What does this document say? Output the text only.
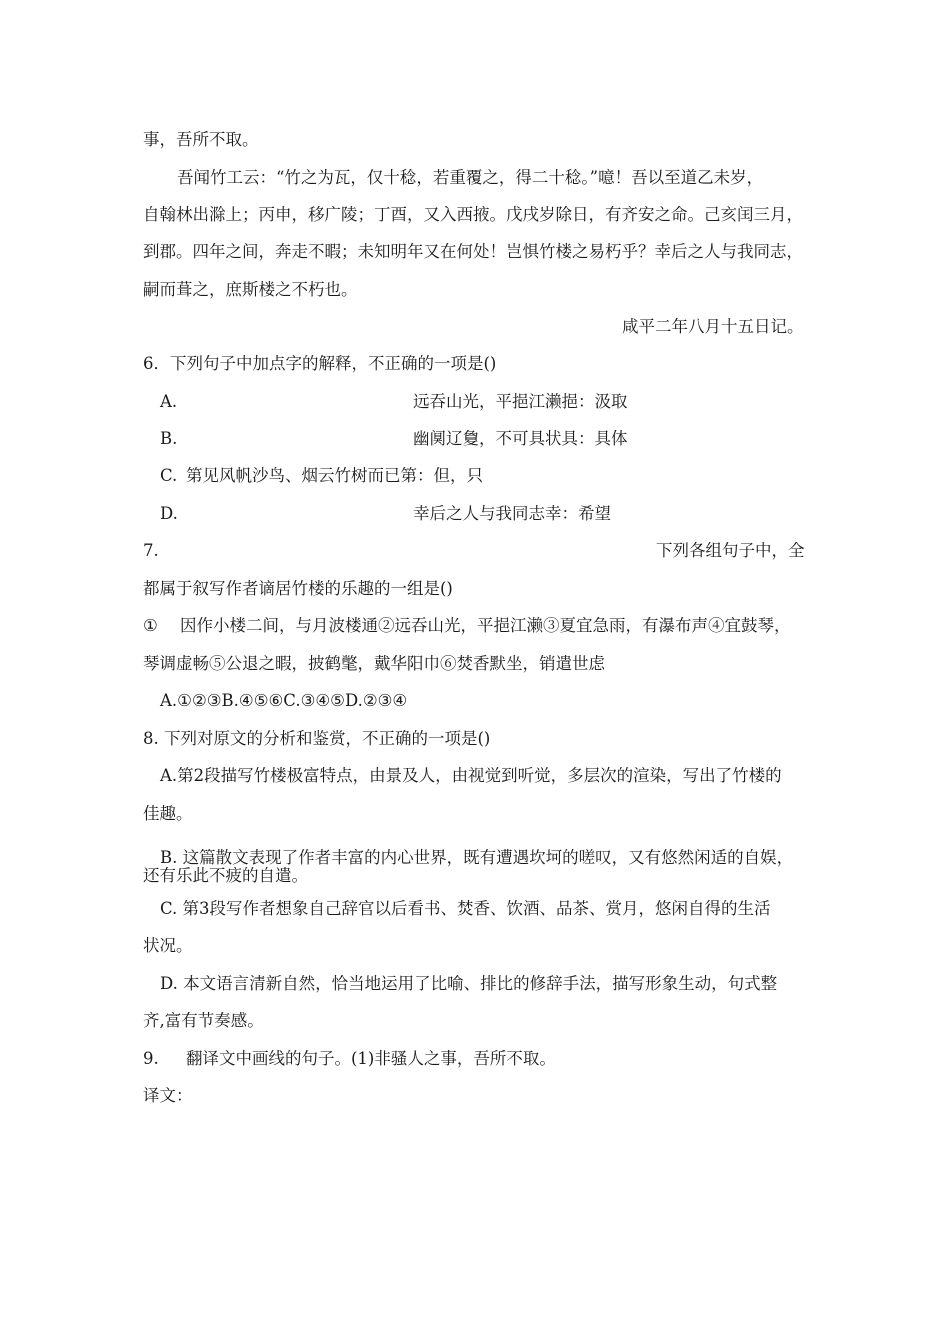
事，吾所不取。
吾闻竹工云：“竹之为瓦，仅十稔，若重覆之，得二十稔。”噫！吾以至道乙未岁，
自翰林出滁上；丙申，移广陵；丁酉，又入西掖。戊戌岁除日，有齐安之命。己亥闰三月，
到郡。四年之间，奔走不暇；未知明年又在何处！岂惧竹楼之易朽乎？幸后之人与我同志，
嗣而葺之，庶斯楼之不朽也。
咸平二年八月十五日记。
6．下列句子中加点字的解释，不正确的一项是()
A.	远吞山光，平挹江濑挹：汲取
B.	幽阒辽敻，不可具状具：具体
C. 第见风帆沙鸟、烟云竹树而已第：但，只
D.	幸后之人与我同志幸：希望
7.	下列各组句子中，全
都属于叙写作者谪居竹楼的乐趣的一组是()
① 因作小楼二间，与月波楼通②远吞山光，平挹江濑③夏宜急雨，有瀑布声④宜鼓琴，
琴调虚畅⑤公退之暇，披鹤氅，戴华阳巾⑥焚香默坐，销遣世虑
A.①②③B.④⑤⑥C.③④⑤D.②③④
8. 下列对原文的分析和鉴赏，不正确的一项是()
A.第2段描写竹楼极富特点，由景及人，由视觉到听觉，多层次的渲染，写出了竹楼的
佳趣。
B. 这篇散文表现了作者丰富的内心世界，既有遭遇坎坷的嗟叹，又有悠然闲适的自娱，
还有乐此不疲的自遣。
C. 第3段写作者想象自己辞官以后看书、焚香、饮酒、品茶、赏月，悠闲自得的生活
状况。
D. 本文语言清新自然，恰当地运用了比喻、排比的修辞手法，描写形象生动，句式整
齐,富有节奏感。
9. 翻译文中画线的句子。(1)非骚人之事，吾所不取。
译文：
